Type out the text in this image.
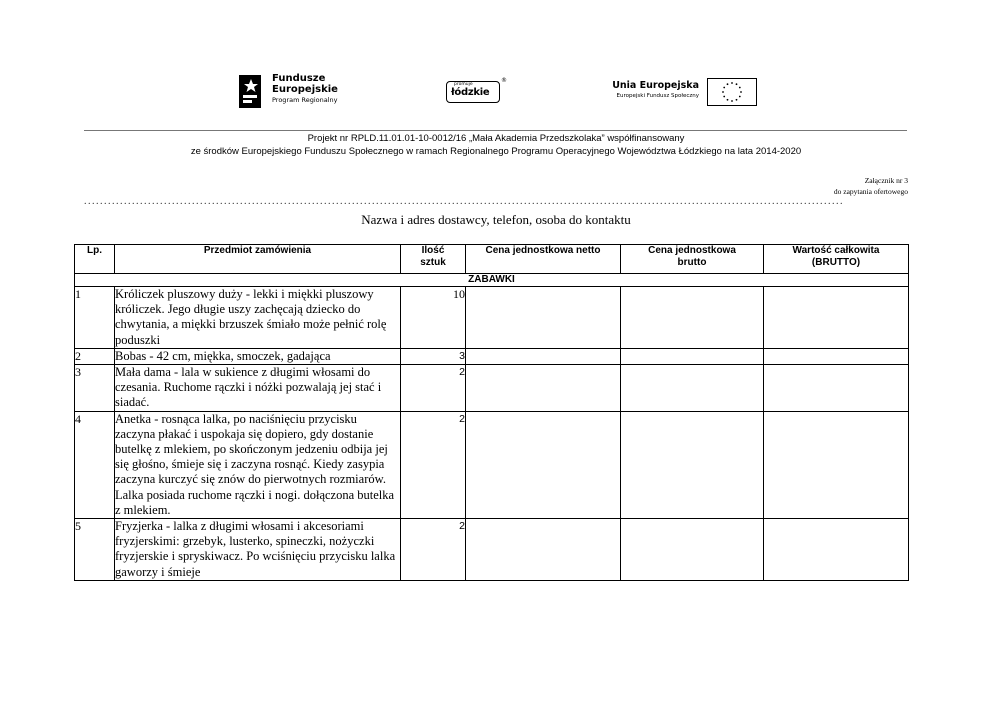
Fundusze
Europejskie
Program Regionalny
promuje
łódzkie
®	Unia Europejska
Europejski Fundusz Społeczny
Projekt nr RPLD.11.01.01-10-0012/16 „Mała Akademia Przedszkolaka” współfinansowany
ze środków Europejskiego Funduszu Społecznego w ramach Regionalnego Programu Operacyjnego Województwa Łódzkiego na lata 2014-2020
Załącznik nr 3
do zapytania ofertowego
..............................................................................................................................................................................................
Nazwa i adres dostawcy, telefon, osoba do kontaktu
Lp.	Przedmiot zamówienia	Ilość sztuk	Cena jednostkowa netto	Cena jednostkowa brutto	Wartość całkowita (BRUTTO)
ZABAWKI					
1	Króliczek pluszowy duży - lekki i miękki pluszowy króliczek. Jego długie uszy zachęcają dziecko do chwytania, a miękki brzuszek śmiało może pełnić rolę poduszki	10			
2	Bobas - 42 cm, miękka, smoczek, gadająca	3			
3	Mała dama - lala w sukience z długimi włosami do czesania. Ruchome rączki i nóżki pozwalają jej stać i siadać.	2			
4	Anetka - rosnąca lalka, po naciśnięciu przycisku zaczyna płakać i uspokaja się dopiero, gdy dostanie butelkę z mlekiem, po skończonym jedzeniu odbija jej się głośno, śmieje się i zaczyna rosnąć. Kiedy zasypia zaczyna kurczyć się znów do pierwotnych rozmiarów. Lalka posiada ruchome rączki i nogi. dołączona butelka z mlekiem.	2			
5	Fryzjerka - lalka z długimi włosami i akcesoriami fryzjerskimi: grzebyk, lusterko, spineczki, nożyczki fryzjerskie i spryskiwacz. Po wciśnięciu przycisku lalka gaworzy i śmieje	2			
